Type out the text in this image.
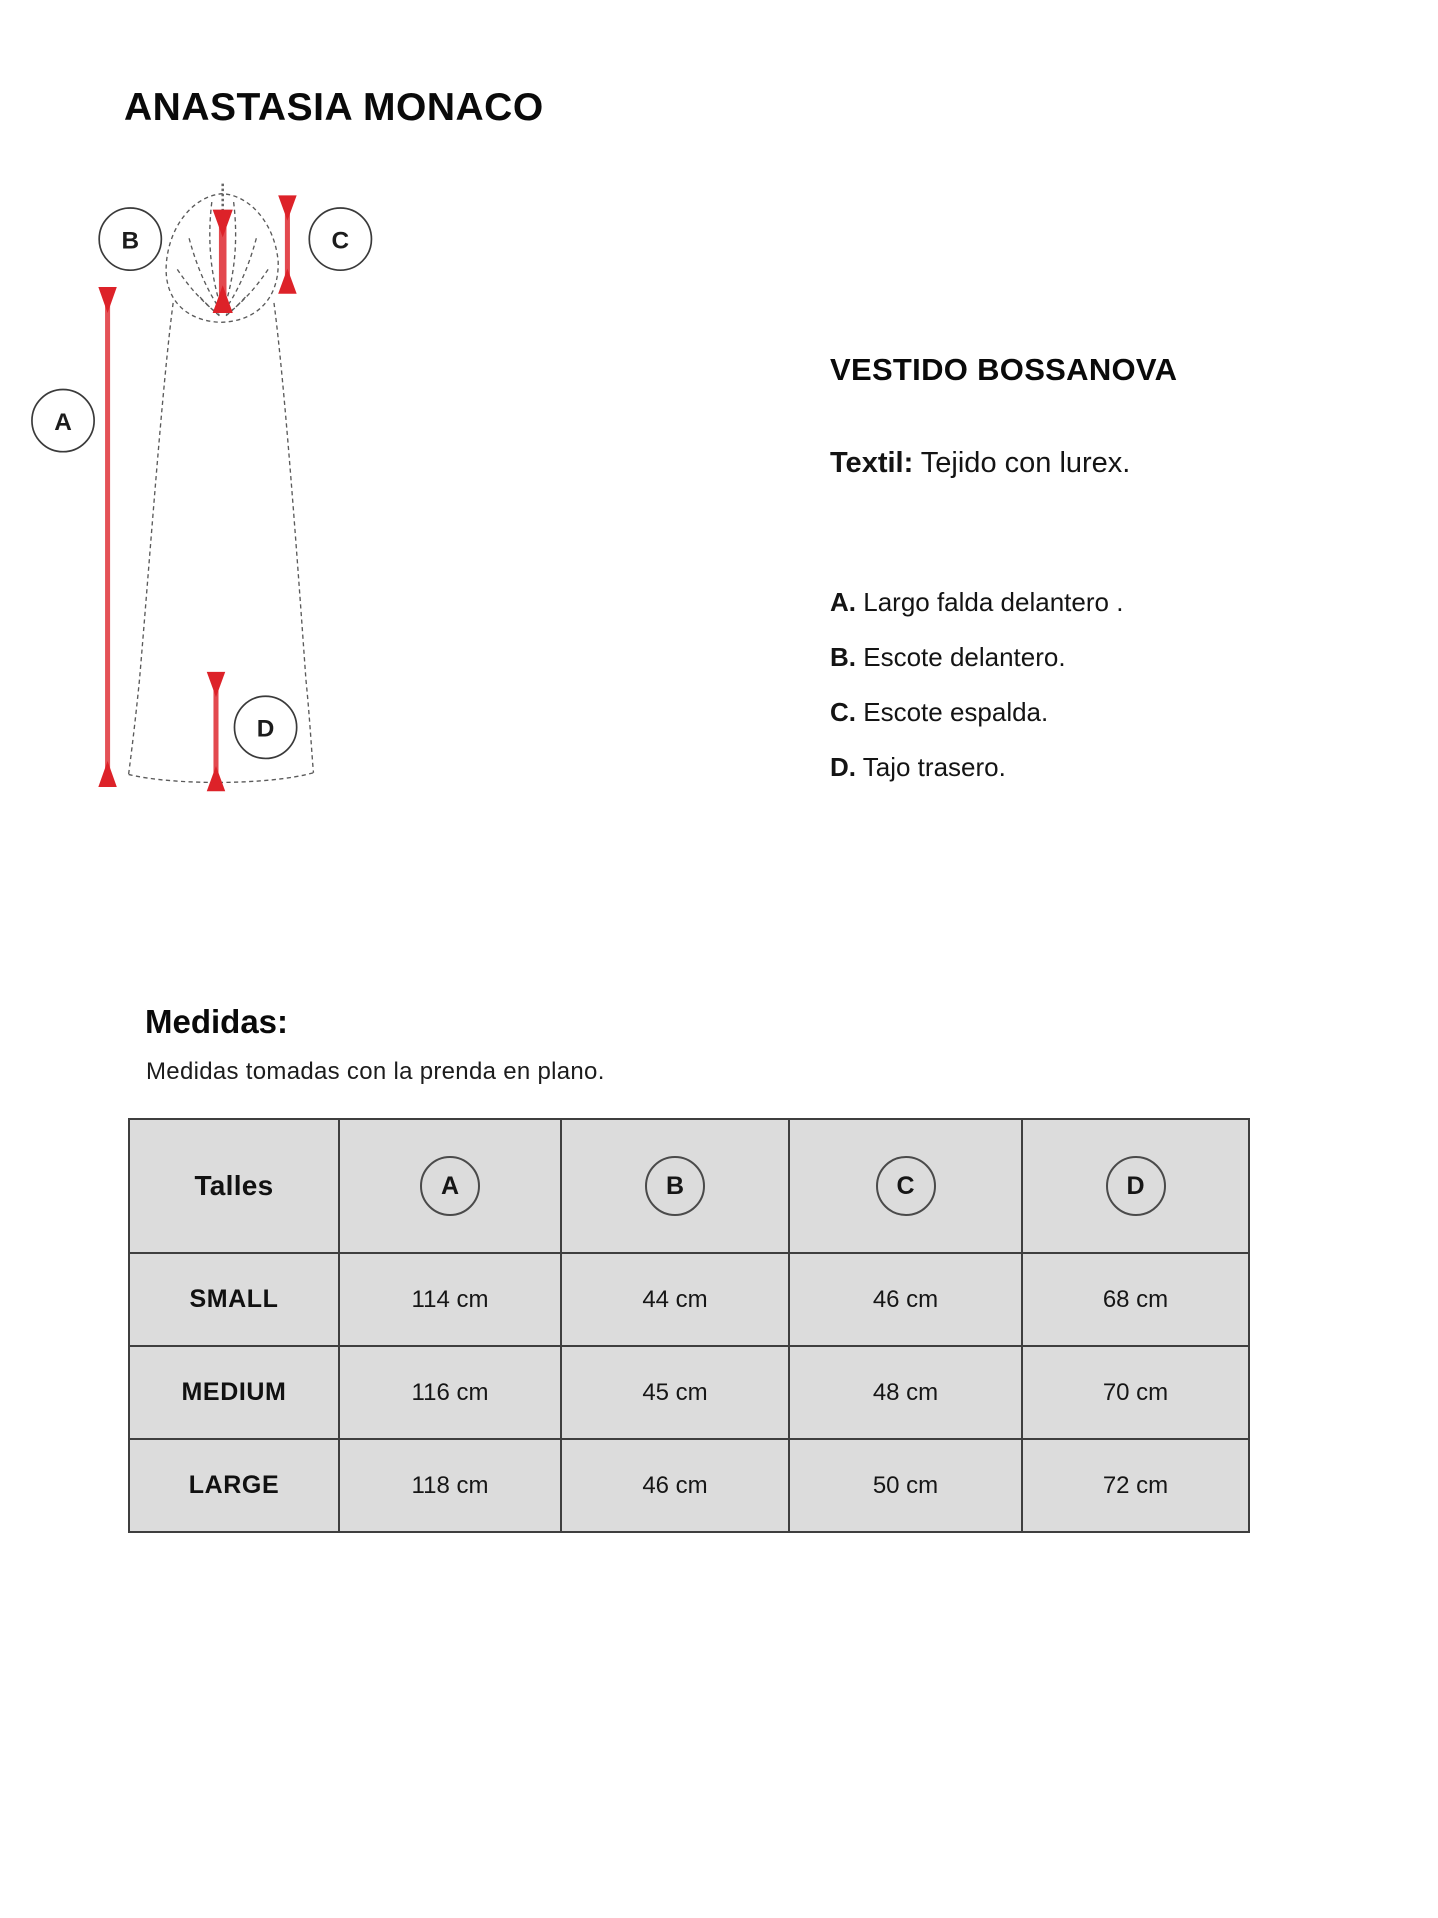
ANASTASIA MONACO
A
B	C
D
VESTIDO BOSSANOVA
Textil: Tejido con lurex.
A. Largo falda delantero .
B. Escote delantero.
C. Escote espalda.
D. Tajo trasero.
Medidas:
Medidas tomadas con la prenda en plano.
Talles	A	B	C	D
SMALL	114 cm	44 cm	46 cm	68 cm
MEDIUM	116 cm	45 cm	48 cm	70 cm
LARGE	118 cm	46 cm	50 cm	72 cm
